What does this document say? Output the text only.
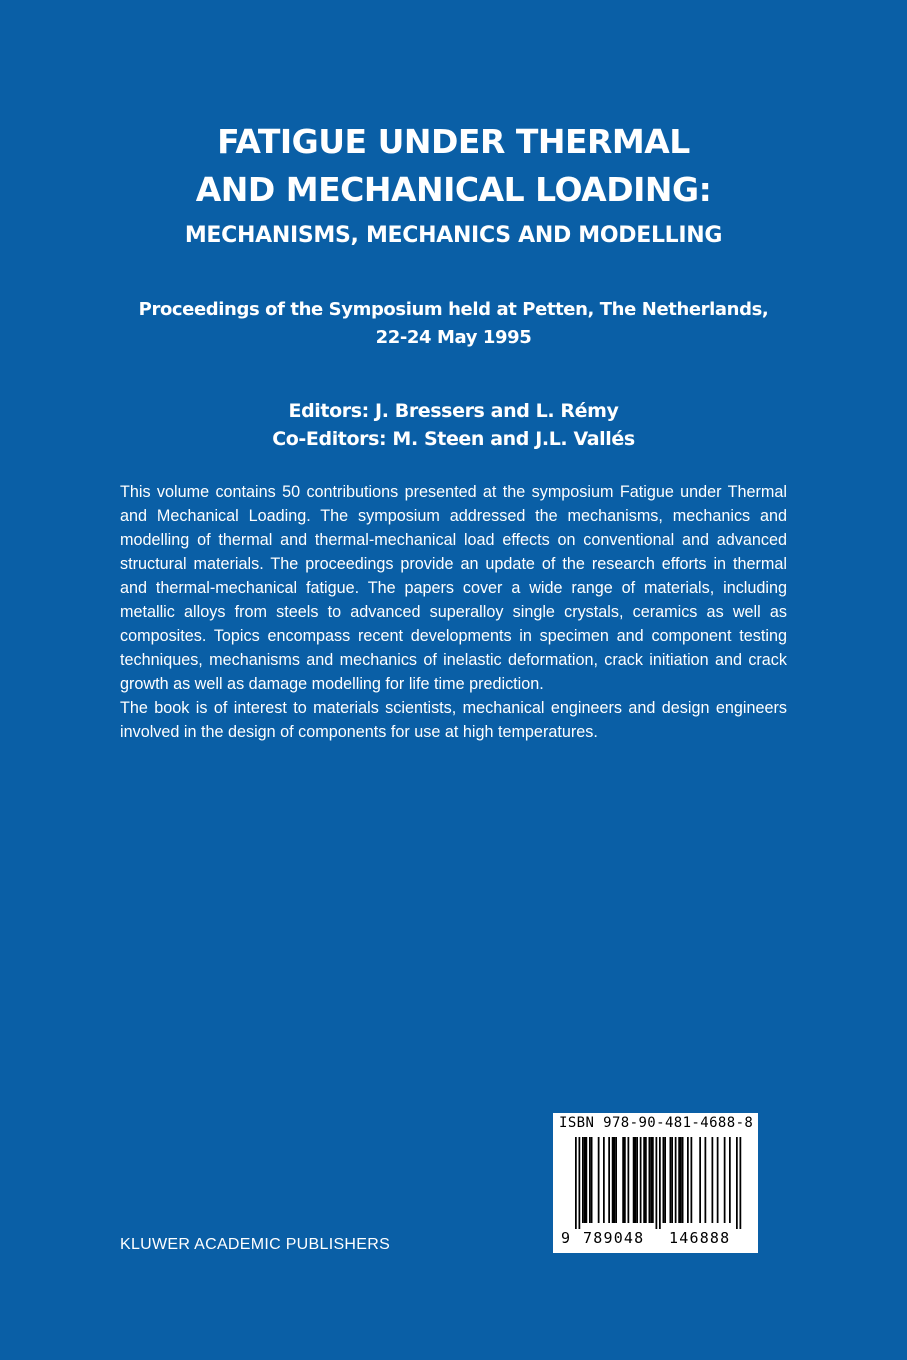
FATIGUE UNDER THERMAL
AND MECHANICAL LOADING:
MECHANISMS, MECHANICS AND MODELLING
Proceedings of the Symposium held at Petten, The Netherlands,
22-24 May 1995
Editors: J. Bressers and L. Rémy
Co-Editors: M. Steen and J.L. Vallés

This volume contains 50 contributions presented at the symposium Fatigue under Thermal and Mechanical Loading. The symposium addressed the mechanisms, mechanics and modelling of thermal and thermal-mechanical load effects on conventional and advanced structural materials. The proceedings provide an update of the research efforts in thermal and thermal-mechanical fatigue. The papers cover a wide range of materials, including metallic alloys from steels to advanced superalloy single crystals, ceramics as well as composites. Topics encompass recent developments in specimen and component testing techniques, mechanisms and mechanics of inelastic deformation, crack initiation and crack growth as well as damage modelling for life time prediction.

The book is of interest to materials scientists, mechanical engineers and design engineers involved in the design of components for use at high temperatures.

KLUWER ACADEMIC PUBLISHERS
ISBN 978-90-481-4688-8
9 789048 146888
